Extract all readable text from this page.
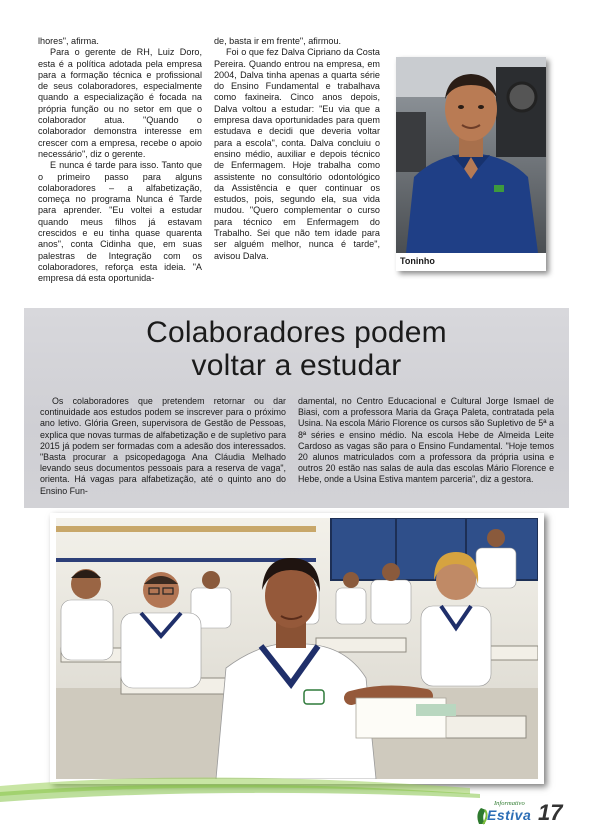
lhores", afirma.

Para o gerente de RH, Luiz Doro, esta é a política adotada pela empresa para a formação técnica e profissional de seus colaboradores, especialmente quando a especialização é focada na própria função ou no setor em que o colaborador atua. "Quando o colaborador demonstra interesse em crescer com a empresa, recebe o apoio necessário", diz o gerente.

E nunca é tarde para isso. Tanto que o primeiro passo para alguns colaboradores – a alfabetização, começa no programa Nunca é Tarde para aprender. "Eu voltei a estudar quando meus filhos já estavam crescidos e eu tinha quase quarenta anos", conta Cidinha que, em suas palestras de Integração com os colaboradores, reforça esta ideia. "A empresa dá esta oportunida-

de, basta ir em frente", afirmou.

Foi o que fez Dalva Cipriano da Costa Pereira. Quando entrou na empresa, em 2004, Dalva tinha apenas a quarta série do Ensino Fundamental e trabalhava como faxineira. Cinco anos depois, Dalva voltou a estudar: "Eu via que a empresa dava oportunidades para quem estudava e decidi que deveria voltar para a escola", conta. Dalva concluiu o ensino médio, auxiliar e depois técnico de Enfermagem. Hoje trabalha como assistente no consultório odontológico da Assistência e quer continuar os estudos, pois, segundo ela, sua vida mudou. "Quero complementar o curso para técnico em Enfermagem do Trabalho. Sei que não tem idade para ser alguém melhor, nunca é tarde", avisou Dalva.

Toninho
Colaboradores podem
voltar a estudar

Os colaboradores que pretendem retornar ou dar continuidade aos estudos podem se inscrever para o próximo ano letivo. Glória Green, supervisora de Gestão de Pessoas, explica que novas turmas de alfabetização e de supletivo para 2015 já podem ser formadas com a adesão dos interessados. "Basta procurar a psicopedagoga Ana Cláudia Melhado levando seus documentos pessoais para a reserva de vaga", orienta. Há vagas para alfabetização, até o quinto ano do Ensino Fun-

damental, no Centro Educacional e Cultural Jorge Ismael de Biasi, com a professora Maria da Graça Paleta, contratada pela Usina. Na escola Mário Florence os cursos são Supletivo de 5ª a 8ª séries e ensino médio. Na escola Hebe de Almeida Leite Cardoso as vagas são para o Ensino Fundamental. "Hoje temos 20 alunos matriculados com a professora da própria usina e outros 20 estão nas salas de aula das escolas Mário Florence e Hebe, onde a Usina Estiva mantem parceria", diz a gestora.

Informativo
Estiva 17
